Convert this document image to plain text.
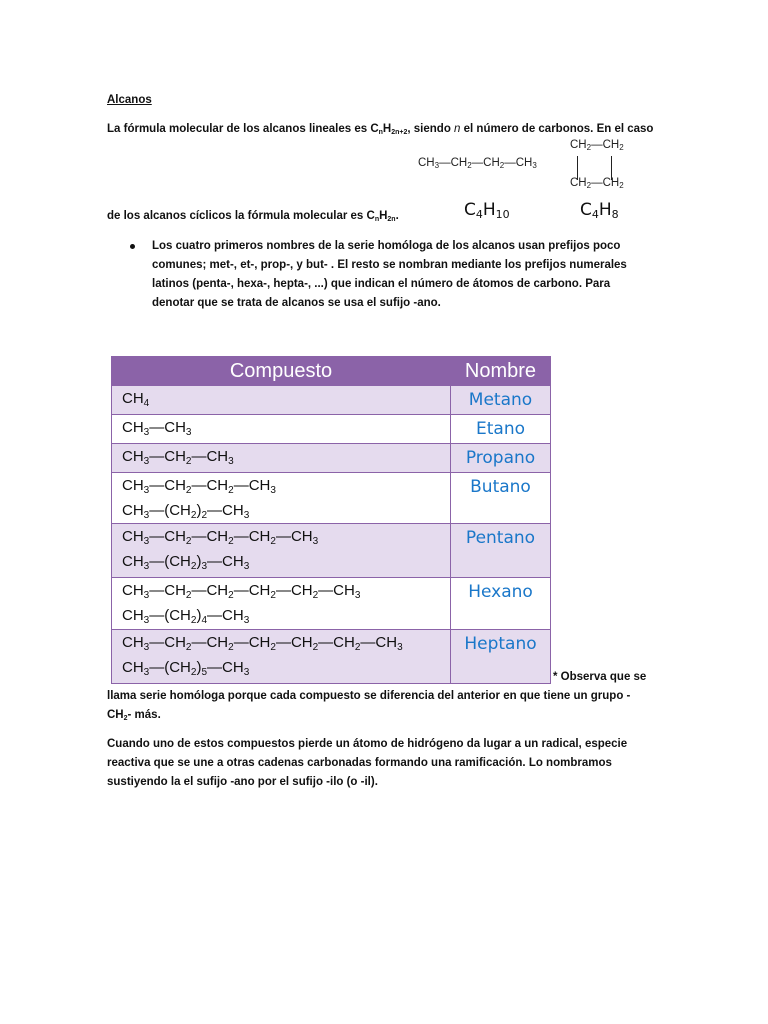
Alcanos
La fórmula molecular de los alcanos lineales es $C_nH_{2n+2}$, siendo n el número de carbonos. En el caso
$CH_3—CH_2—CH_2—CH_3$
$CH_2—CH_2$
$CH_2—CH_2$
$C_4H_{10}$	$C_4H_8$
de los alcanos cíclicos la fórmula molecular es $C_nH_{2n}$.
Los cuatro primeros nombres de la serie homóloga de los alcanos usan prefijos poco
comunes; met-, et-, prop-, y but- . El resto se nombran mediante los prefijos numerales
latinos (penta-, hexa-, hepta-, ...) que indican el número de átomos de carbono. Para
denotar que se trata de alcanos se usa el sufijo -ano.
Compuesto	Nombre

$CH_4$	Metano

$CH_3—CH_3$	Etano

$CH_3—CH_2—CH_3$	Propano

$CH_3—CH_2—CH_2—CH_3$
$CH_3—(CH_2)_2—CH_3$	Butano

$CH_3—CH_2—CH_2—CH_2—CH_3$
$CH_3—(CH_2)_3—CH_3$	Pentano

$CH_3—CH_2—CH_2—CH_2—CH_2—CH_3$
$CH_3—(CH_2)_4—CH_3$	Hexano

$CH_3—CH_2—CH_2—CH_2—CH_2—CH_2—CH_3$
$CH_3—(CH_2)_5—CH_3$	Heptano
* Observa que se
llama serie homóloga porque cada compuesto se diferencia del anterior en que tiene un grupo -
$CH_2-$ más.
Cuando uno de estos compuestos pierde un átomo de hidrógeno da lugar a un radical, especie
reactiva que se une a otras cadenas carbonadas formando una ramificación. Lo nombramos
sustiyendo la el sufijo -ano por el sufijo -ilo (o -il).
